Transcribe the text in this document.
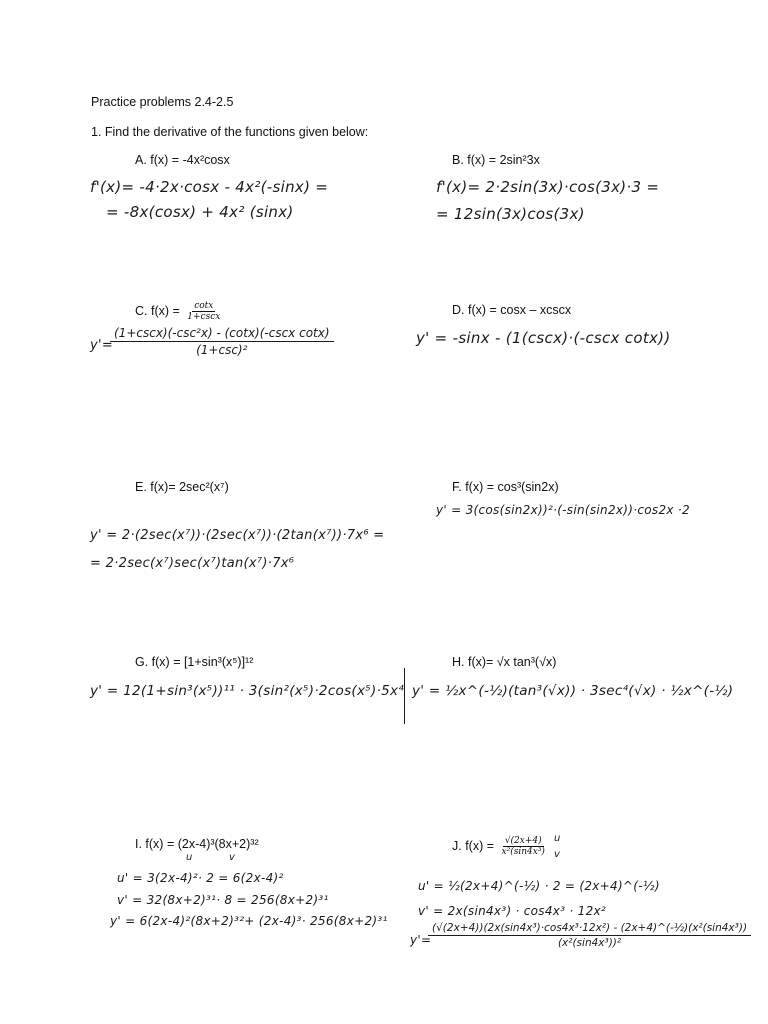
Practice problems 2.4-2.5
1. Find the derivative of the functions given below:
A. f(x) = -4x²cosx
f'(x)= -4·2x·cosx - 4x²(-sinx) =
= -8x(cosx) + 4x² (sinx)
B. f(x) = 2sin²3x
f'(x)= 2·2sin(3x)·cos(3x)·3 =
= 12sin(3x)cos(3x)
C. $f(x) = \frac{\cot x}{1+\csc x}$
y'=
(1+cscx)(-csc²x) - (cotx)(-cscx cotx)
(1+csc)²
D. f(x) = cosx – xcscx
y' = -sinx - (1(cscx)·(-cscx cotx))
E. f(x)= 2sec²(x⁷)
y' = 2·(2sec(x⁷))·(2sec(x⁷))·(2tan(x⁷))·7x⁶ =
= 2·2sec(x⁷)sec(x⁷)tan(x⁷)·7x⁶
F. f(x) = cos³(sin2x)
y' = 3(cos(sin2x))²·(-sin(sin2x))·cos2x ·2
G. f(x) = [1+sin³(x⁵)]¹²
y' = 12(1+sin³(x⁵))¹¹ · 3(sin²(x⁵)·2cos(x⁵)·5x⁴
H. f(x)= √x tan³(√x)
y' = ½x^(-½)(tan³(√x)) · 3sec⁴(√x) · ½x^(-½)
I. f(x) = (2x-4)³(8x+2)³²
u	v
u' = 3(2x-4)²· 2 = 6(2x-4)²
v' = 32(8x+2)³¹· 8 = 256(8x+2)³¹
y' = 6(2x-4)²(8x+2)³²+ (2x-4)³· 256(8x+2)³¹
J. $f(x) = \frac{√(2x+4)}{\text{x²(sin4x³)}}$ u
v
u' = ½(2x+4)^(-½) · 2 = (2x+4)^(-½)
v' = 2x(sin4x³) · cos4x³ · 12x²
y'=
$\frac{\text{(√(2x+4))(2x(sin4x³)·cos4x³·12x²) - (2x+4)\textasciicircum{}(-½)(x²(sin4x³))}}{\text{(x²(sin4x³))²}}$
